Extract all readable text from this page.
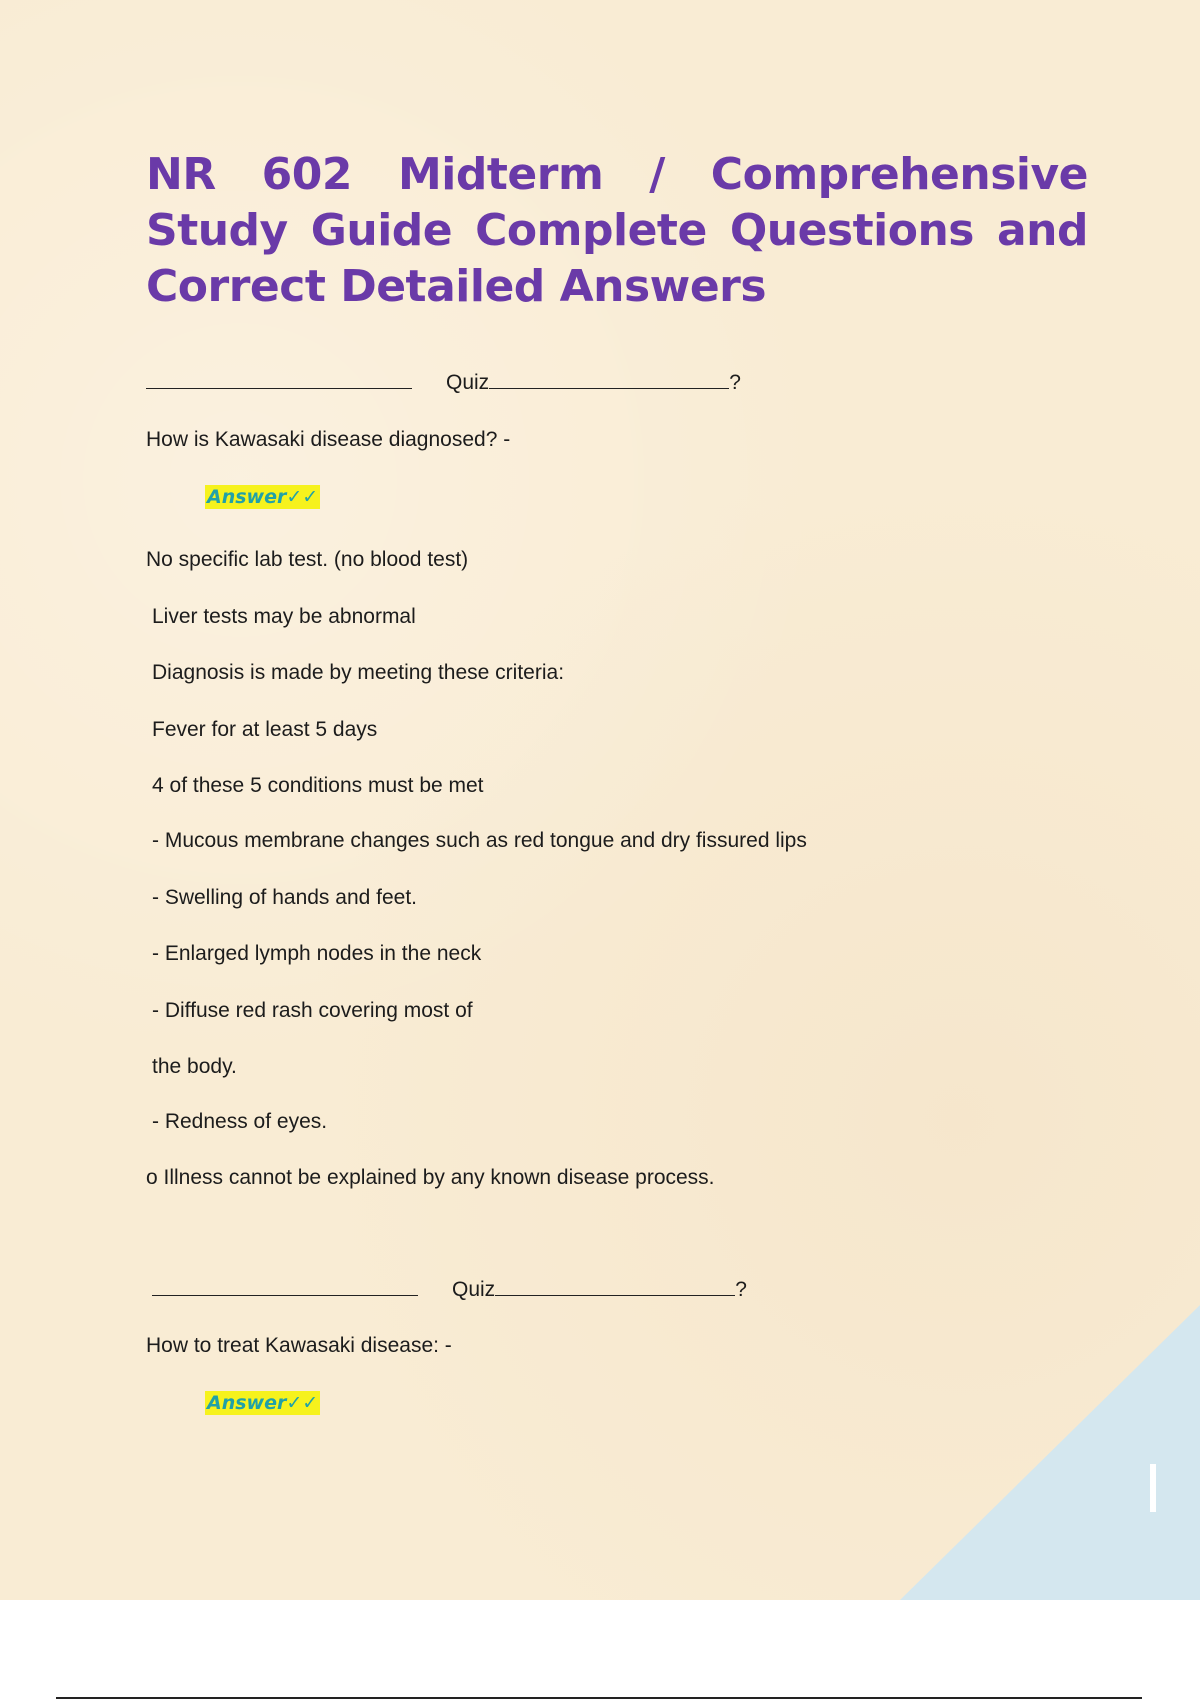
NR 602 Midterm / Comprehensive Study Guide Complete Questions and Correct Detailed Answers
Quiz	?
How is Kawasaki disease diagnosed? -
Answer✓✓
No specific lab test. (no blood test)
Liver tests may be abnormal
Diagnosis is made by meeting these criteria:
Fever for at least 5 days
4 of these 5 conditions must be met
- Mucous membrane changes such as red tongue and dry fissured lips
- Swelling of hands and feet.
- Enlarged lymph nodes in the neck
- Diffuse red rash covering most of
the body.
- Redness of eyes.
o Illness cannot be explained by any known disease process.
Quiz	?
How to treat Kawasaki disease: -
Answer✓✓
